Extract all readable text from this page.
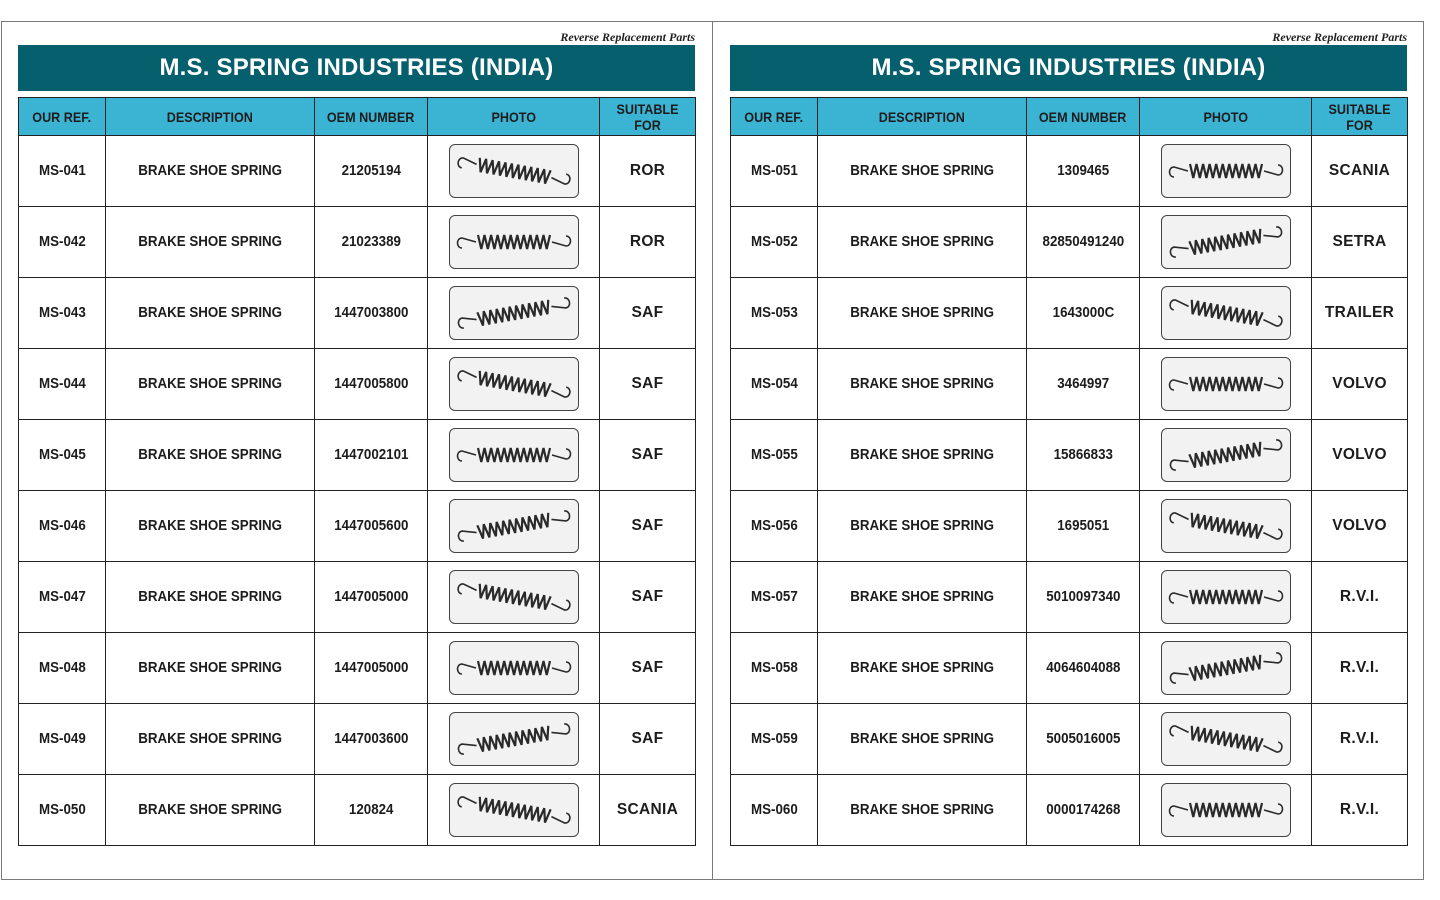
Reverse Replacement Parts
M.S. SPRING INDUSTRIES (INDIA)
OUR REF.	DESCRIPTION	OEM NUMBER	PHOTO	SUITABLE FOR
MS-041	BRAKE SHOE SPRING	21205194		ROR
MS-042	BRAKE SHOE SPRING	21023389		ROR
MS-043	BRAKE SHOE SPRING	1447003800		SAF
MS-044	BRAKE SHOE SPRING	1447005800		SAF
MS-045	BRAKE SHOE SPRING	1447002101		SAF
MS-046	BRAKE SHOE SPRING	1447005600		SAF
MS-047	BRAKE SHOE SPRING	1447005000		SAF
MS-048	BRAKE SHOE SPRING	1447005000		SAF
MS-049	BRAKE SHOE SPRING	1447003600		SAF
MS-050	BRAKE SHOE SPRING	120824		SCANIA
Reverse Replacement Parts
M.S. SPRING INDUSTRIES (INDIA)
OUR REF.	DESCRIPTION	OEM NUMBER	PHOTO	SUITABLE FOR
MS-051	BRAKE SHOE SPRING	1309465		SCANIA
MS-052	BRAKE SHOE SPRING	82850491240		SETRA
MS-053	BRAKE SHOE SPRING	1643000C		TRAILER
MS-054	BRAKE SHOE SPRING	3464997		VOLVO
MS-055	BRAKE SHOE SPRING	15866833		VOLVO
MS-056	BRAKE SHOE SPRING	1695051		VOLVO
MS-057	BRAKE SHOE SPRING	5010097340		R.V.I.
MS-058	BRAKE SHOE SPRING	4064604088		R.V.I.
MS-059	BRAKE SHOE SPRING	5005016005		R.V.I.
MS-060	BRAKE SHOE SPRING	0000174268		R.V.I.
